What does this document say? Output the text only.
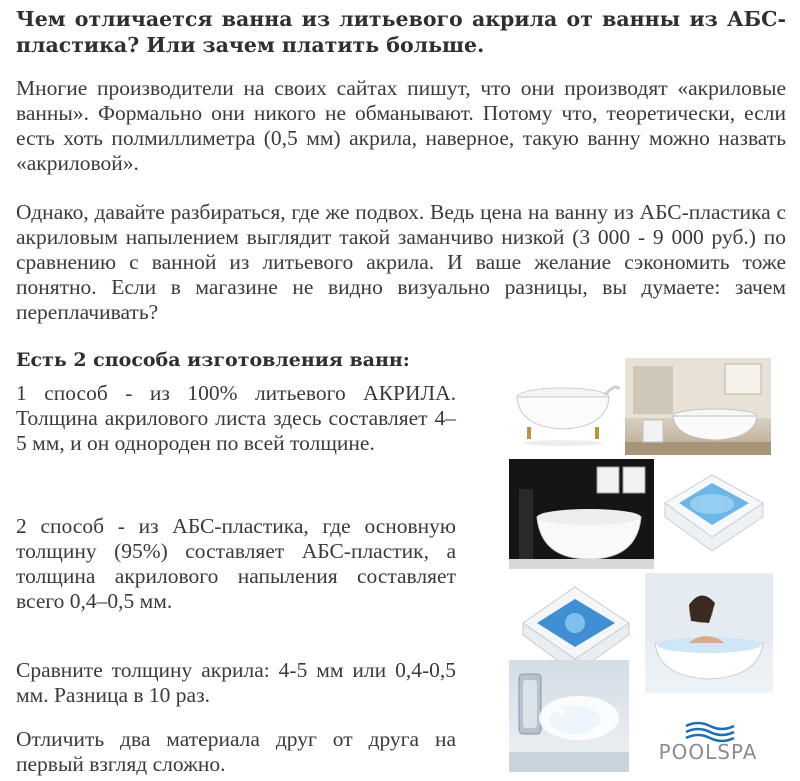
Чем отличается ванна из литьевого акрила от ванны из АБС-пластика? Или зачем платить больше.

Многие производители на своих сайтах пишут, что они производят «акриловые ванны». Формально они никого не обманывают. Потому что, теоретически, если есть хоть полмиллиметра (0,5 мм) акрила, наверное, такую ванну можно назвать «акриловой».

Однако, давайте разбираться, где же подвох. Ведь цена на ванну из АБС-пластика с акриловым напылением выглядит такой заманчиво низкой (3 000 - 9 000 руб.) по сравнению с ванной из литьевого акрила. И ваше желание сэкономить тоже понятно. Если в магазине не видно визуально разницы, вы думаете: зачем переплачивать?

Есть 2 способа изготовления ванн:

1 способ - из 100% литьевого АКРИЛА. Толщина акрилового листа здесь составляет 4–5 мм, и он однороден по всей толщине.

2 способ - из АБС-пластика, где основную толщину (95%) составляет АБС-пластик, а толщина акрилового напыления составляет всего 0,4–0,5 мм.

Сравните толщину акрила: 4-5 мм или 0,4-0,5 мм. Разница в 10 раз.

Отличить два материала друг от друга на первый взгляд сложно.	POOLSPA
